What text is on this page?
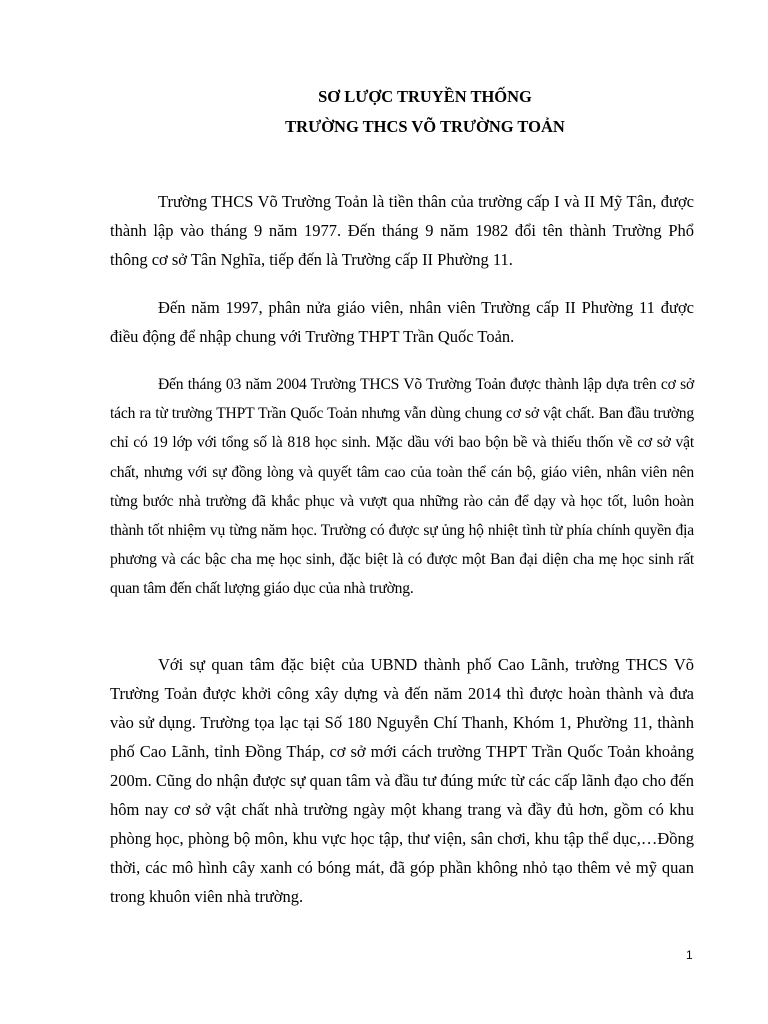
SƠ LƯỢC TRUYỀN THỐNG
TRƯỜNG THCS VÕ TRƯỜNG TOẢN

Trường THCS Võ Trường Toản là tiền thân của trường cấp I và II Mỹ Tân, được thành lập vào tháng 9 năm 1977. Đến tháng 9 năm 1982 đổi tên thành Trường Phổ thông cơ sở Tân Nghĩa, tiếp đến là Trường cấp II Phường 11.

Đến năm 1997, phân nửa giáo viên, nhân viên Trường cấp II Phường 11 được điều động để nhập chung với Trường THPT Trần Quốc Toản.

Đến tháng 03 năm 2004 Trường THCS Võ Trường Toản được thành lập dựa trên cơ sở tách ra từ trường THPT Trần Quốc Toản nhưng vẫn dùng chung cơ sở vật chất. Ban đầu trường chỉ có 19 lớp với tổng số là 818 học sinh. Mặc dầu với bao bộn bề và thiếu thốn về cơ sở vật chất, nhưng với sự đồng lòng và quyết tâm cao của toàn thể cán bộ, giáo viên, nhân viên nên từng bước nhà trường đã khắc phục và vượt qua những rào cản để dạy và học tốt, luôn hoàn thành tốt nhiệm vụ từng năm học. Trường có được sự ủng hộ nhiệt tình từ phía chính quyền địa phương và các bậc cha mẹ học sinh, đặc biệt là có được một Ban đại diện cha mẹ học sinh rất quan tâm đến chất lượng giáo dục của nhà trường.

Với sự quan tâm đặc biệt của UBND thành phố Cao Lãnh, trường THCS Võ Trường Toản được khởi công xây dựng và đến năm 2014 thì được hoàn thành và đưa vào sử dụng. Trường tọa lạc tại Số 180 Nguyễn Chí Thanh, Khóm 1, Phường 11, thành phố Cao Lãnh, tỉnh Đồng Tháp, cơ sở mới cách trường THPT Trần Quốc Toản khoảng 200m. Cũng do nhận được sự quan tâm và đầu tư đúng mức từ các cấp lãnh đạo cho đến hôm nay cơ sở vật chất nhà trường ngày một khang trang và đầy đủ hơn, gồm có khu phòng học, phòng bộ môn, khu vực học tập, thư viện, sân chơi, khu tập thể dục,…Đồng thời, các mô hình cây xanh có bóng mát, đã góp phần không nhỏ tạo thêm vẻ mỹ quan trong khuôn viên nhà trường.

1
